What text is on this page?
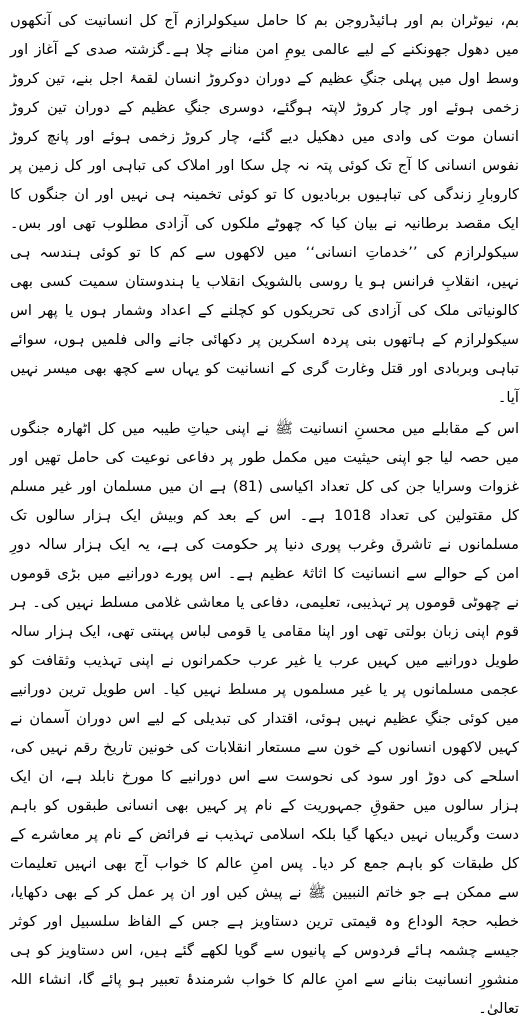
بم، نیوٹران بم اور ہائیڈروجن بم کا حامل سیکولرازم آج کل انسانیت کی آنکھوں میں دھول جھونکنے کے لیے عالمی یومِ امن منانے چلا ہے۔گزشتہ صدی کے آغاز اور وسط اول میں پہلی جنگِ عظیم کے دوران دوکروڑ انسان لقمۂ اجل بنے، تین کروڑ زخمی ہوئے اور چار کروڑ لاپتہ ہوگئے، دوسری جنگِ عظیم کے دوران تین کروڑ انسان موت کی وادی میں دھکیل دیے گئے، چار کروڑ زخمی ہوئے اور پانچ کروڑ نفوس انسانی کا آج تک کوئی پتہ نہ چل سکا اور املاک کی تباہی اور کل زمین پر کاروبارِ زندگی کی تباہیوں بربادیوں کا تو کوئی تخمینہ ہی نہیں اور ان جنگوں کا ایک مقصد برطانیہ نے بیان کیا کہ چھوٹے ملکوں کی آزادی مطلوب تھی اور بس۔سیکولرازم کی ’’خدماتِ انسانی‘‘ میں لاکھوں سے کم کا تو کوئی ہندسہ ہی نہیں، انقلابِ فرانس ہو یا روسی بالشویک انقلاب یا ہندوستان سمیت کسی بھی کالونیاتی ملک کی آزادی کی تحریکوں کو کچلنے کے اعداد وشمار ہوں یا پھر اس سیکولرازم کے ہاتھوں بنی پردہ اسکرین پر دکھائی جانے والی فلمیں ہوں، سوائے تباہی وبربادی اور قتل وغارت گری کے انسانیت کو یہاں سے کچھ بھی میسر نہیں آیا۔

اس کے مقابلے میں محسنِ انسانیت ﷺ نے اپنی حیاتِ طیبہ میں کل اٹھارہ جنگوں میں حصہ لیا جو اپنی حیثیت میں مکمل طور پر دفاعی نوعیت کی حامل تھیں اور غزوات وسرایا جن کی کل تعداد اکیاسی (81) ہے ان میں مسلمان اور غیر مسلم کل مقتولین کی تعداد 1018 ہے۔ اس کے بعد کم وبیش ایک ہزار سالوں تک مسلمانوں نے تاشرق وغرب پوری دنیا پر حکومت کی ہے، یہ ایک ہزار سالہ دورِ امن کے حوالے سے انسانیت کا اثاثۂ عظیم ہے۔ اس پورے دورانیے میں بڑی قوموں نے چھوٹی قوموں پر تہذیبی، تعلیمی، دفاعی یا معاشی غلامی مسلط نہیں کی۔ ہر قوم اپنی زبان بولتی تھی اور اپنا مقامی یا قومی لباس پہنتی تھی، ایک ہزار سالہ طویل دورانیے میں کہیں عرب یا غیر عرب حکمرانوں نے اپنی تہذیب وثقافت کو عجمی مسلمانوں پر یا غیر مسلموں پر مسلط نہیں کیا۔ اس طویل ترین دورانیے میں کوئی جنگِ عظیم نہیں ہوئی، اقتدار کی تبدیلی کے لیے اس دوران آسمان نے کہیں لاکھوں انسانوں کے خون سے مستعار انقلابات کی خونین تاریخ رقم نہیں کی، اسلحے کی دوڑ اور سود کی نحوست سے اس دورانیے کا مورخ نابلد ہے، ان ایک ہزار سالوں میں حقوقِ جمہوریت کے نام پر کہیں بھی انسانی طبقوں کو باہم دست وگریباں نہیں دیکھا گیا بلکہ اسلامی تہذیب نے فرائض کے نام پر معاشرے کے کل طبقات کو باہم جمع کر دیا۔ پس امنِ عالم کا خواب آج بھی انہیں تعلیمات سے ممکن ہے جو خاتم النبیین ﷺ نے پیش کیں اور ان پر عمل کر کے بھی دکھایا، خطبہ حجۃ الوداع وہ قیمتی ترین دستاویز ہے جس کے الفاظ سلسبیل اور کوثر جیسے چشمہ ہائے فردوس کے پانیوں سے گویا لکھے گئے ہیں، اس دستاویز کو ہی منشورِ انسانیت بنانے سے امنِ عالم کا خواب شرمندۂ تعبیر ہو پائے گا، انشاء اللہ تعالیٰ۔
